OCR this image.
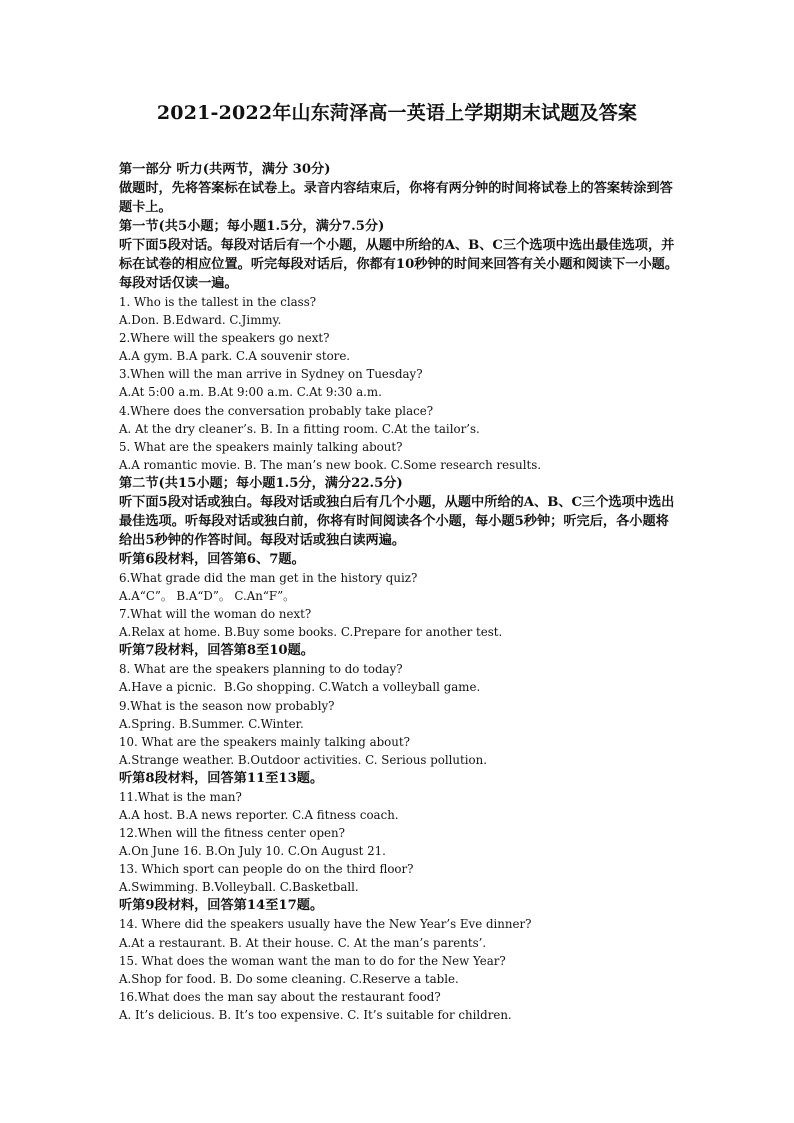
2021-2022年山东菏泽高一英语上学期期末试题及答案

第一部分 听力(共两节，满分 30分)

做题时，先将答案标在试卷上。录音内容结束后，你将有两分钟的时间将试卷上的答案转涂到答题卡上。

第一节(共5小题；每小题1.5分，满分7.5分)

听下面5段对话。每段对话后有一个小题，从题中所给的A、B、C三个选项中选出最佳选项，并标在试卷的相应位置。听完每段对话后，你都有10秒钟的时间来回答有关小题和阅读下一小题。每段对话仅读一遍。

1. Who is the tallest in the class?

A.Don. B.Edward. C.Jimmy.

2.Where will the speakers go next?

A.A gym. B.A park. C.A souvenir store.

3.When will the man arrive in Sydney on Tuesday?

A.At 5:00 a.m. B.At 9:00 a.m. C.At 9:30 a.m.

4.Where does the conversation probably take place?

A. At the dry cleaner’s. B. In a fitting room. C.At the tailor’s.

5. What are the speakers mainly talking about?

A.A romantic movie. B. The man’s new book. C.Some research results.

第二节(共15小题；每小题1.5分，满分22.5分)

听下面5段对话或独白。每段对话或独白后有几个小题，从题中所给的A、B、C三个选项中选出最佳选项。听每段对话或独白前，你将有时间阅读各个小题，每小题5秒钟；听完后，各小题将给出5秒钟的作答时间。每段对话或独白读两遍。

听第6段材料，回答第6、7题。

6.What grade did the man get in the history quiz?

A.A“C”。 B.A“D”。 C.An“F”。

7.What will the woman do next?

A.Relax at home. B.Buy some books. C.Prepare for another test.

听第7段材料，回答第8至10题。

8. What are the speakers planning to do today?

A.Have a picnic.  B.Go shopping. C.Watch a volleyball game.

9.What is the season now probably?

A.Spring. B.Summer. C.Winter.

10. What are the speakers mainly talking about?

A.Strange weather. B.Outdoor activities. C. Serious pollution.

听第8段材料，回答第11至13题。

11.What is the man?

A.A host. B.A news reporter. C.A fitness coach.

12.When will the fitness center open?

A.On June 16. B.On July 10. C.On August 21.

13. Which sport can people do on the third floor?

A.Swimming. B.Volleyball. C.Basketball.

听第9段材料，回答第14至17题。

14. Where did the speakers usually have the New Year’s Eve dinner?

A.At a restaurant. B. At their house. C. At the man’s parents’.

15. What does the woman want the man to do for the New Year?

A.Shop for food. B. Do some cleaning. C.Reserve a table.

16.What does the man say about the restaurant food?

A. It’s delicious. B. It’s too expensive. C. It’s suitable for children.
